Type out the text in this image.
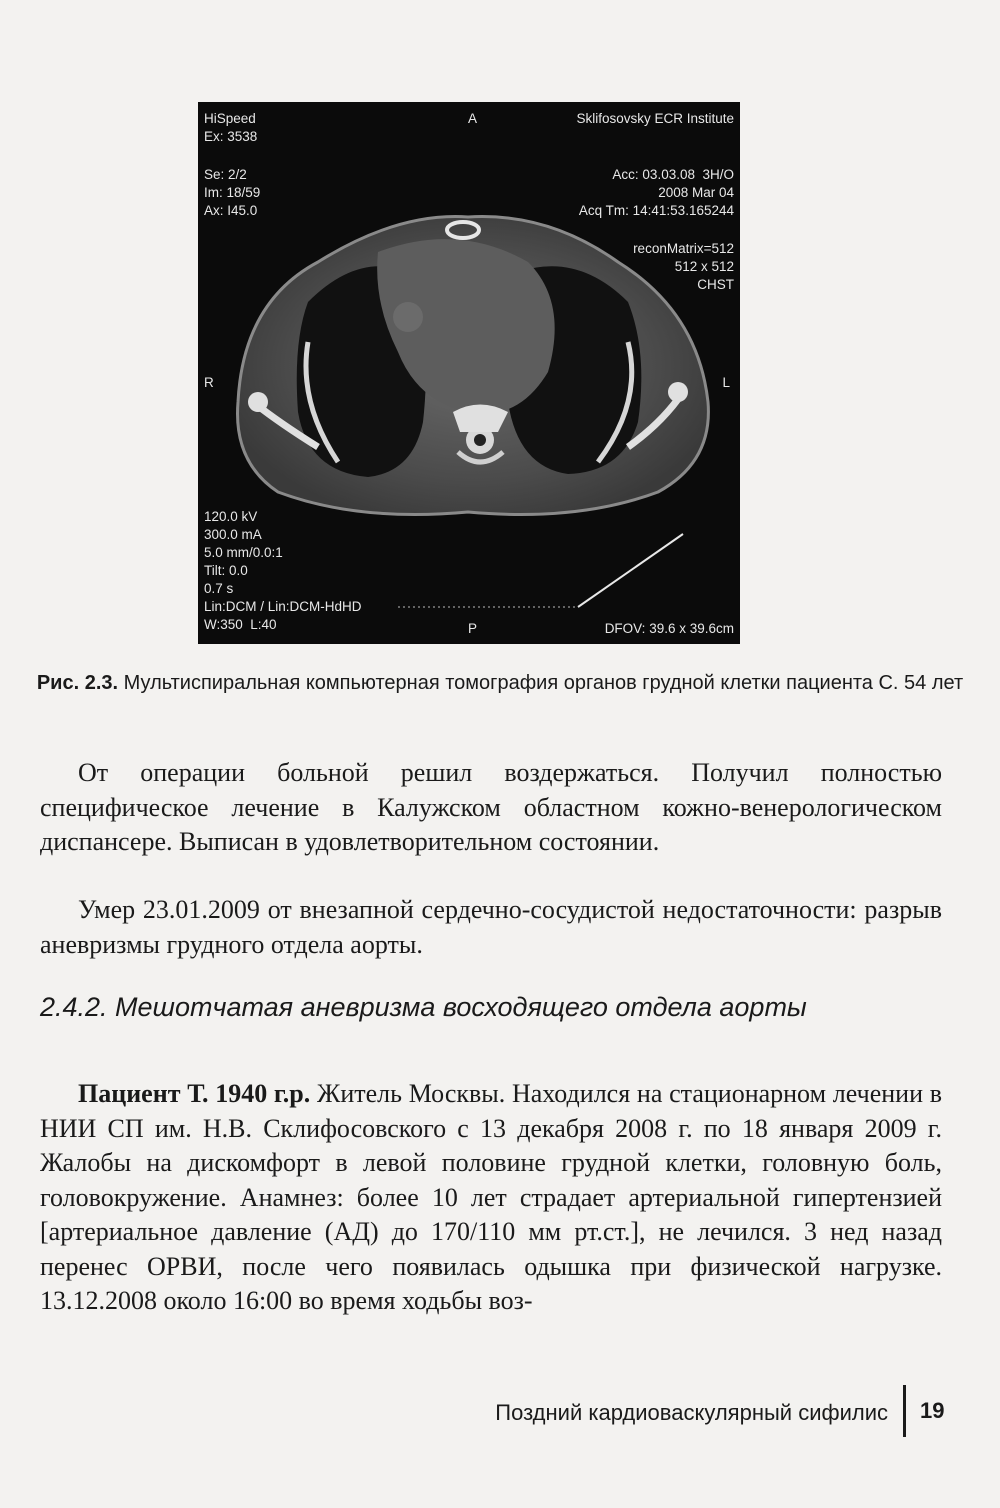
HiSpeed
Ex: 3538
Se: 2/2
Im: 18/59
Ax: I45.0
Sklifosovsky ECR Institute
Acc: 03.03.08  3H/O
2008 Mar 04
Acq Tm: 14:41:53.165244
reconMatrix=512
512 x 512
CHST
120.0 kV
300.0 mA
5.0 mm/0.0:1
Tilt: 0.0
0.7 s
Lin:DCM / Lin:DCM-HdHD
W:350  L:40	DFOV: 39.6 x 39.6cm
A
P
R	L
Рис. 2.3. Мультиспиральная компьютерная томография органов грудной клетки пациента С. 54 лет
От операции больной решил воздержаться. Получил полностью специфическое лечение в Калужском областном кожно-венерологическом диспансере. Выписан в удовлетворительном состоянии.
Умер 23.01.2009 от внезапной сердечно-сосудистой недостаточности: разрыв аневризмы грудного отдела аорты.
2.4.2. Мешотчатая аневризма восходящего отдела аорты
Пациент Т. 1940 г.р. Житель Москвы. Находился на стационарном лечении в НИИ СП им. Н.В. Склифосовского с 13 декабря 2008 г. по 18 января 2009 г. Жалобы на дискомфорт в левой половине грудной клетки, головную боль, головокружение. Анамнез: более 10 лет страдает артериальной гипертензией [артериальное давление (АД) до 170/110 мм рт.ст.], не лечился. 3 нед назад перенес ОРВИ, после чего появилась одышка при физической нагрузке. 13.12.2008 около 16:00 во время ходьбы воз-
Поздний кардиоваскулярный сифилис 19
